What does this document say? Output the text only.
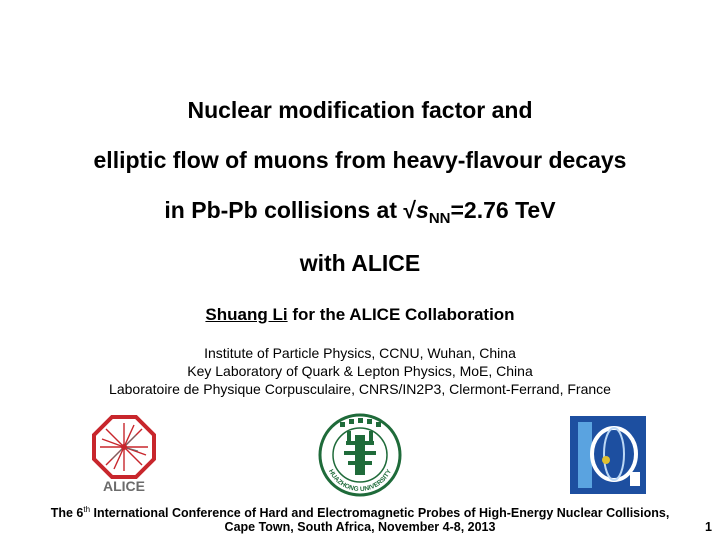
Nuclear modification factor and
elliptic flow of muons from heavy-flavour decays
in Pb-Pb collisions at $√s_{NN}=2.76$ TeV
with ALICE
Shuang Li for the ALICE Collaboration
Institute of Particle Physics, CCNU, Wuhan, China
Key Laboratory of Quark & Lepton Physics, MoE, China
Laboratoire de Physique Corpusculaire, CNRS/IN2P3, Clermont-Ferrand, France
ALICE
HUAZHONG UNIVERSITY
The 6th International Conference of Hard and Electromagnetic Probes of High-Energy Nuclear Collisions,
Cape Town, South Africa, November 4-8, 2013	1
